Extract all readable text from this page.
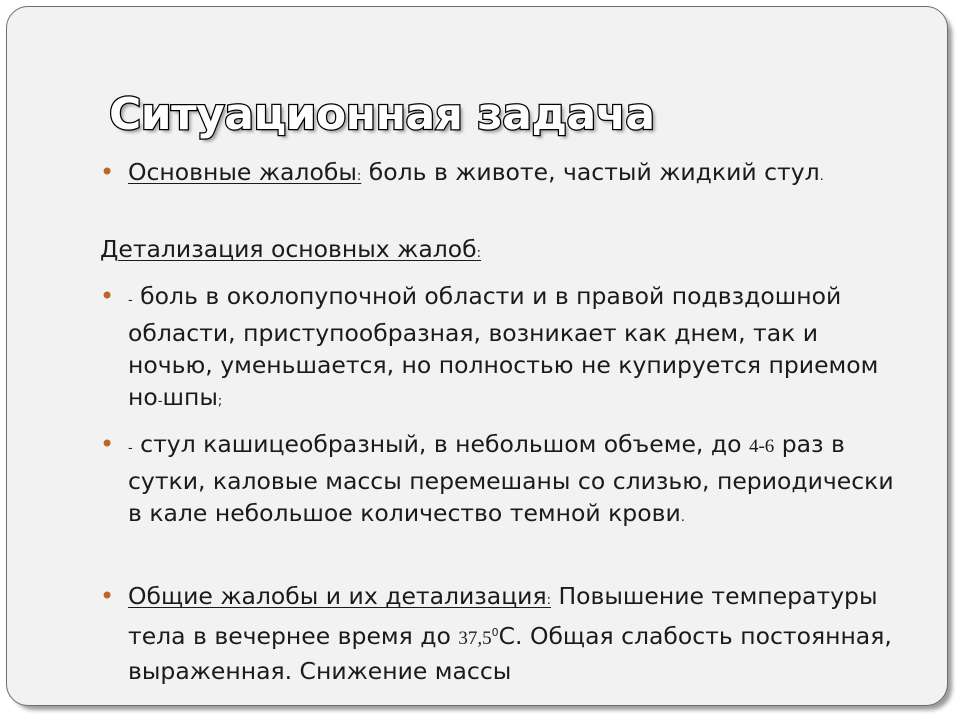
Ситуационная задача
• Основные жалобы: боль в животе, частый жидкий стул.
Детализация основных жалоб:
• - боль в околопупочной области и в правой подвздошной области, приступообразная, возникает как днем, так и ночью, уменьшается, но полностью не купируется приемом но-шпы;
• - стул кашицеобразный, в небольшом объеме, до 4-6 раз в сутки, каловые массы перемешаны со слизью, периодически в кале небольшое количество темной крови.
• Общие жалобы и их детализация: Повышение температуры тела в вечернее время до 37,5$^0$С. Общая слабость постоянная, выраженная. Снижение массы
